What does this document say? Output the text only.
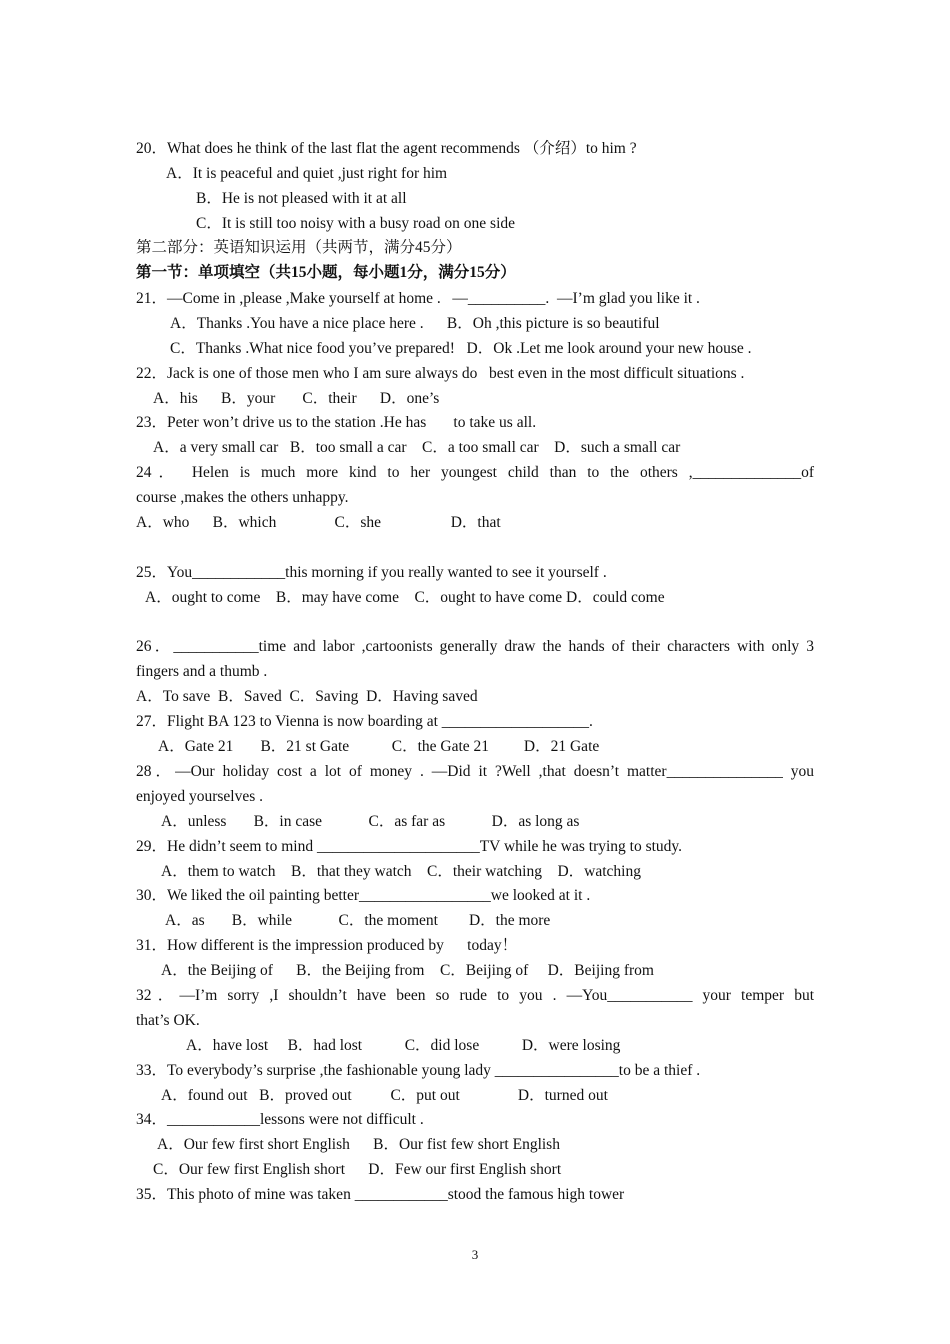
20．What does he think of the last flat the agent recommends （介绍）to him ?
A．It is peaceful and quiet ,just right for him
B．He is not pleased with it at all
C．It is still too noisy with a busy road on one side
第二部分：英语知识运用（共两节，满分45分）
第一节：单项填空（共15小题，每小题1分，满分15分）
21．—Come in ,please ,Make yourself at home .   —__________.  —I’m glad you like it .
A．Thanks .You have a nice place here .      B．Oh ,this picture is so beautiful
C．Thanks .What nice food you’ve prepared!   D．Ok .Let me look around your new house .
22．Jack is one of those men who I am sure always do   best even in the most difficult situations .
A．his      B．your       C．their      D．one’s
23．Peter won’t drive us to the station .He has       to take us all.
A．a very small car   B．too small a car    C．a too small car    D．such a small car
24． Helen is much more kind to her youngest child than to the others ,______________of
course ,makes the others unhappy.
A．who      B．which               C．she                  D．that
25．You____________this morning if you really wanted to see it yourself .
A．ought to come    B．may have come    C．ought to have come D．could come
26．___________time and labor ,cartoonists generally draw the hands of their characters with only 3
fingers and a thumb .
A．To save  B．Saved  C．Saving  D．Having saved
27．Flight BA 123 to Vienna is now boarding at ___________________.
A．Gate 21       B．21 st Gate           C．the Gate 21         D．21 Gate
28．—Our holiday cost a lot of money . —Did it ?Well ,that doesn’t matter_______________ you
enjoyed yourselves .
A．unless       B．in case            C．as far as            D．as long as
29．He didn’t seem to mind _____________________TV while he was trying to study.
A．them to watch    B．that they watch    C．their watching    D．watching
30．We liked the oil painting better_________________we looked at it .
A．as       B．while            C．the moment        D．the more
31．How different is the impression produced by      today！
A．the Beijing of      B．the Beijing from    C．Beijing of     D．Beijing from
32．—I’m sorry ,I shouldn’t have been so rude to you . —You___________ your temper but
that’s OK.
A．have lost     B．had lost           C．did lose           D．were losing
33．To everybody’s surprise ,the fashionable young lady ________________to be a thief .
A．found out   B．proved out          C．put out               D．turned out
34．____________lessons were not difficult .
A．Our few first short English      B．Our fist few short English
C．Our few first English short      D．Few our first English short
35．This photo of mine was taken ____________stood the famous high tower
3
